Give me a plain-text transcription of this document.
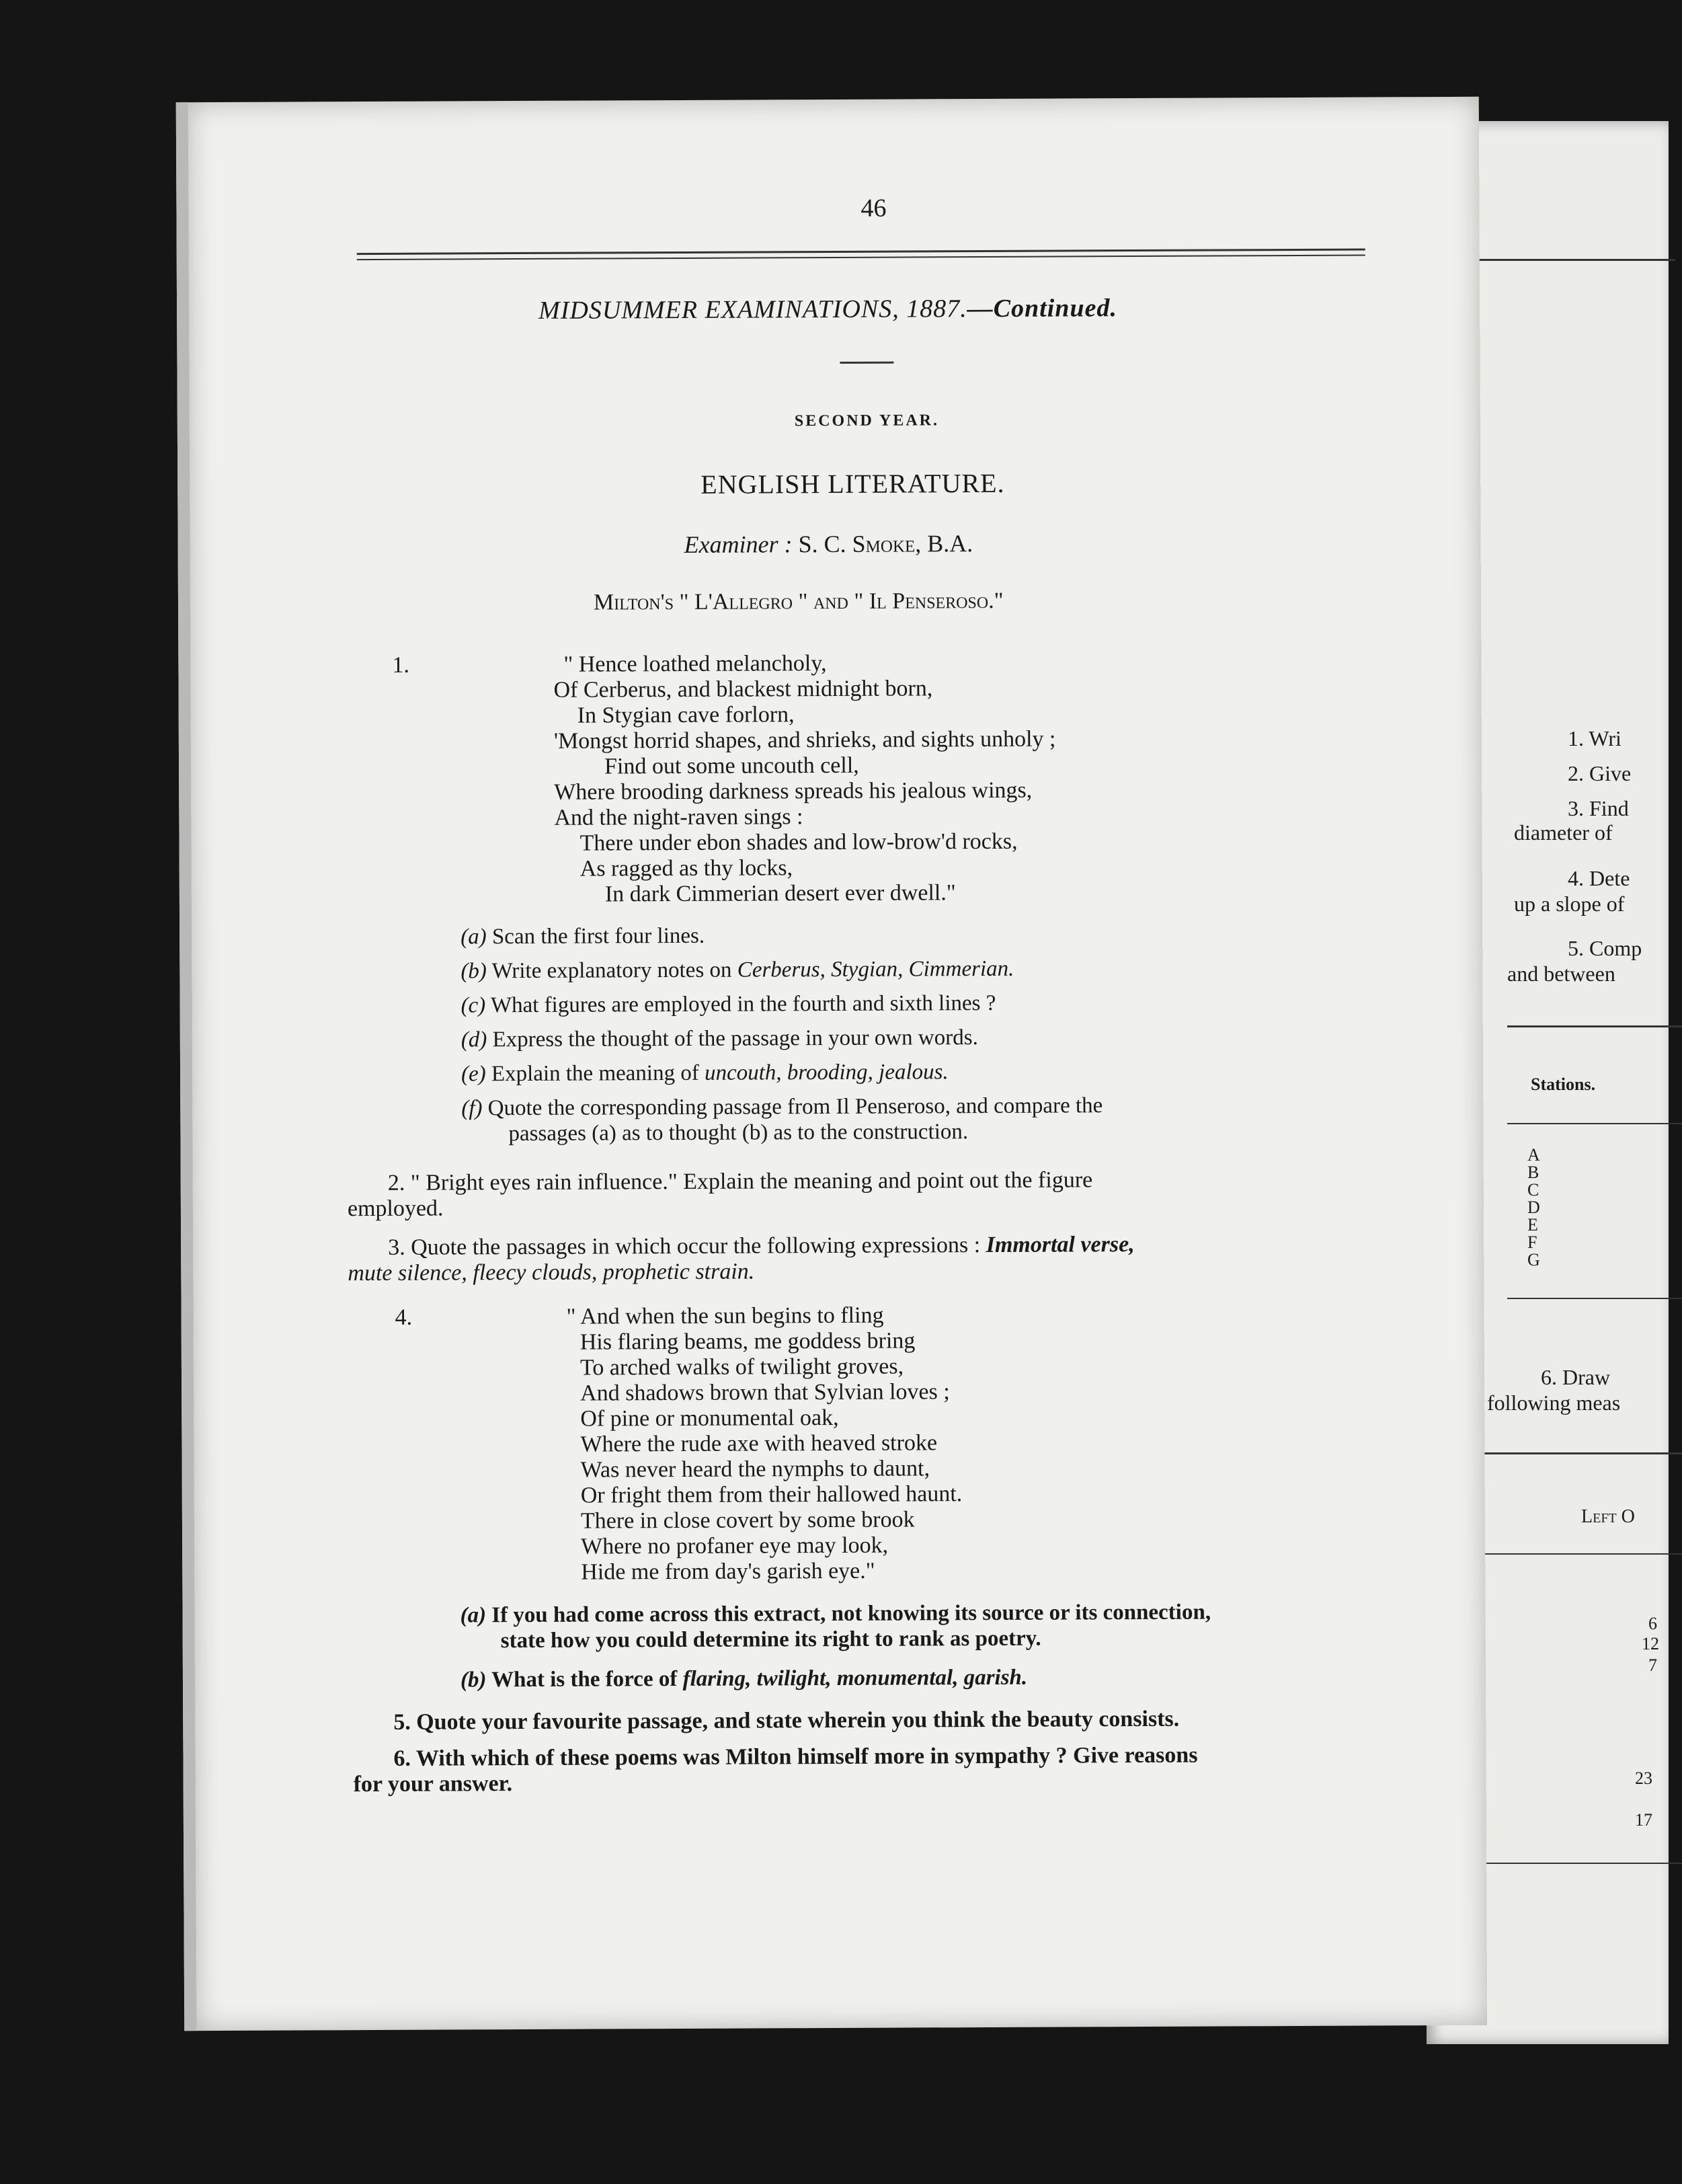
1. Wri
2. Give
3. Find
diameter of
4. Dete
up a slope of
5. Comp
and between
Stations.
A
B
C
D
E
F
G
6. Draw
following meas
Left O
6
12
7
23
17
46
MIDSUMMER EXAMINATIONS, 1887.—Continued.
SECOND YEAR.
ENGLISH LITERATURE.
Examiner : S. C. Smoke, B.A.
Milton's " L'Allegro " and " Il Penseroso."
1.	" Hence loathed melancholy,
Of Cerberus, and blackest midnight born,
In Stygian cave forlorn,
'Mongst horrid shapes, and shrieks, and sights unholy ;
Find out some uncouth cell,
Where brooding darkness spreads his jealous wings,
And the night-raven sings :
There under ebon shades and low-brow'd rocks,
As ragged as thy locks,
In dark Cimmerian desert ever dwell."
(a) Scan the first four lines.
(b) Write explanatory notes on Cerberus, Stygian, Cimmerian.
(c) What figures are employed in the fourth and sixth lines ?
(d) Express the thought of the passage in your own words.
(e) Explain the meaning of uncouth, brooding, jealous.
(f) Quote the corresponding passage from Il Penseroso, and compare the
passages (a) as to thought (b) as to the construction.
2. " Bright eyes rain influence." Explain the meaning and point out the figure
employed.
3. Quote the passages in which occur the following expressions : Immortal verse,
mute silence, fleecy clouds, prophetic strain.
4.	" And when the sun begins to fling
His flaring beams, me goddess bring
To arched walks of twilight groves,
And shadows brown that Sylvian loves ;
Of pine or monumental oak,
Where the rude axe with heaved stroke
Was never heard the nymphs to daunt,
Or fright them from their hallowed haunt.
There in close covert by some brook
Where no profaner eye may look,
Hide me from day's garish eye."
(a) If you had come across this extract, not knowing its source or its connection,
state how you could determine its right to rank as poetry.
(b) What is the force of flaring, twilight, monumental, garish.
5. Quote your favourite passage, and state wherein you think the beauty consists.
6. With which of these poems was Milton himself more in sympathy ? Give reasons
for your answer.
